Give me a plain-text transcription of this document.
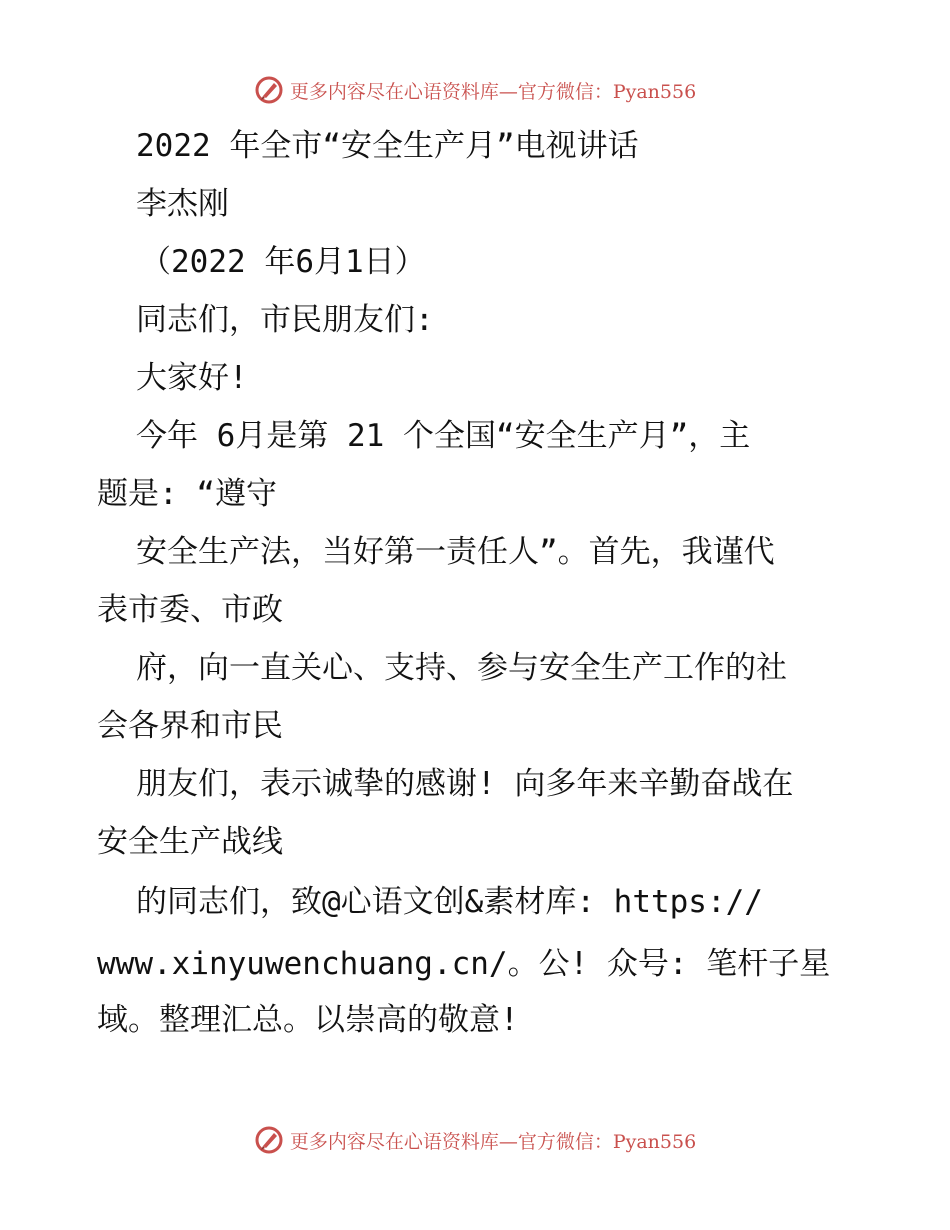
更多内容尽在心语资料库—官方微信：Pyan556
2022 年全市“安全生产月”电视讲话
李杰刚
（2022 年6月1日）
同志们，市民朋友们:
大家好!
今年 6月是第 21 个全国“安全生产月”，主
题是: “遵守
安全生产法，当好第一责任人”。首先，我谨代
表市委、市政
府，向一直关心、支持、参与安全生产工作的社
会各界和市民
朋友们，表示诚挚的感谢! 向多年来辛勤奋战在
安全生产战线
的同志们，致@心语文创&素材库: https://
www.xinyuwenchuang.cn/。公! 众号: 笔杆子星
域。整理汇总。以崇高的敬意!
更多内容尽在心语资料库—官方微信：Pyan556
